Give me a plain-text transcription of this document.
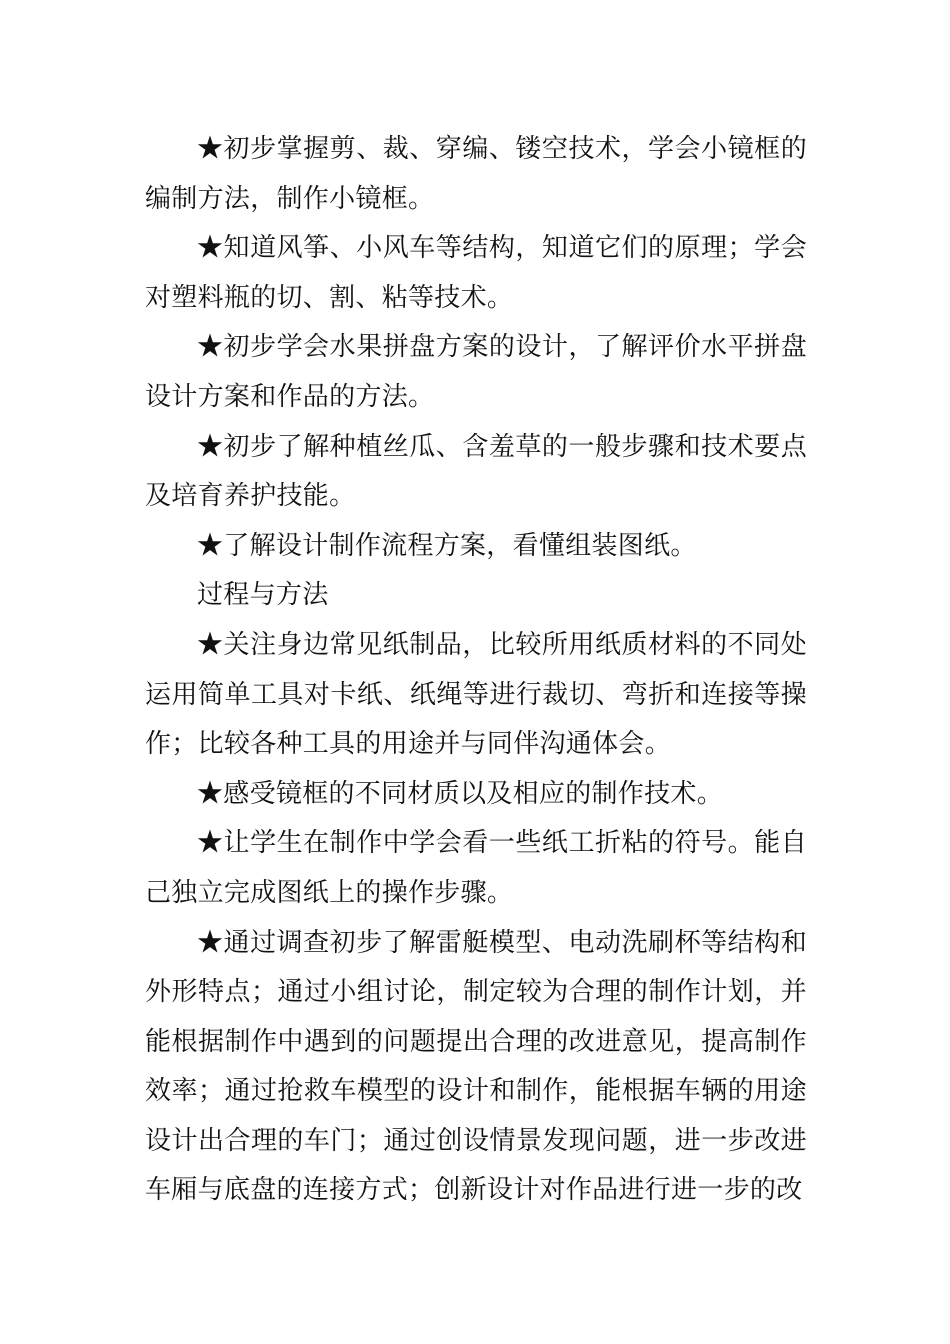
★初步掌握剪、裁、穿编、镂空技术，学会小镜框的编制方法，制作小镜框。

★知道风筝、小风车等结构，知道它们的原理；学会对塑料瓶的切、割、粘等技术。

★初步学会水果拼盘方案的设计，了解评价水平拼盘设计方案和作品的方法。

★初步了解种植丝瓜、含羞草的一般步骤和技术要点及培育养护技能。

★了解设计制作流程方案，看懂组装图纸。

过程与方法

★关注身边常见纸制品，比较所用纸质材料的不同处运用简单工具对卡纸、纸绳等进行裁切、弯折和连接等操作；比较各种工具的用途并与同伴沟通体会。

★感受镜框的不同材质以及相应的制作技术。

★让学生在制作中学会看一些纸工折粘的符号。能自己独立完成图纸上的操作步骤。

★通过调查初步了解雷艇模型、电动洗刷杯等结构和外形特点；通过小组讨论，制定较为合理的制作计划，并能根据制作中遇到的问题提出合理的改进意见，提高制作效率；通过抢救车模型的设计和制作，能根据车辆的用途设计出合理的车门；通过创设情景发现问题，进一步改进车厢与底盘的连接方式；创新设计对作品进行进一步的改
